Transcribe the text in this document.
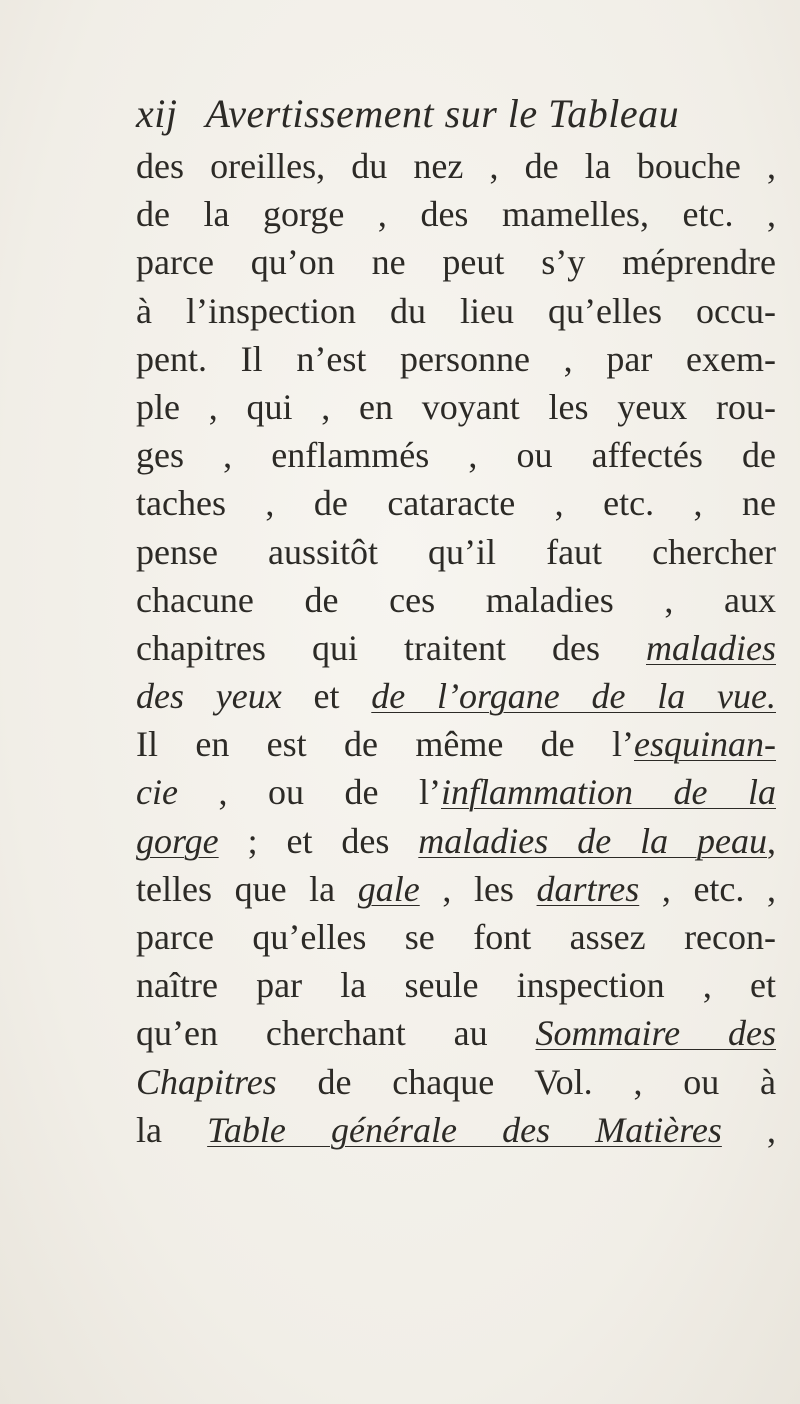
xij Avertissement sur le Tableau
des oreilles, du nez , de la bouche ,
de la gorge , des mamelles, etc. ,
parce qu’on ne peut s’y méprendre
à l’inspection du lieu qu’elles occu-
pent. Il n’est personne , par exem-
ple , qui , en voyant les yeux rou-
ges , enflammés , ou affectés de
taches , de cataracte , etc. , ne
pense aussitôt qu’il faut chercher
chacune de ces maladies , aux
chapitres qui traitent des maladies
des yeux et de l’organe de la vue.
Il en est de même de l’esquinan-
cie , ou de l’inflammation de la
gorge ; et des maladies de la peau,
telles que la gale , les dartres , etc. ,
parce qu’elles se font assez recon-
naître par la seule inspection , et
qu’en cherchant au Sommaire des
Chapitres de chaque Vol. , ou à
la Table générale des Matières ,
